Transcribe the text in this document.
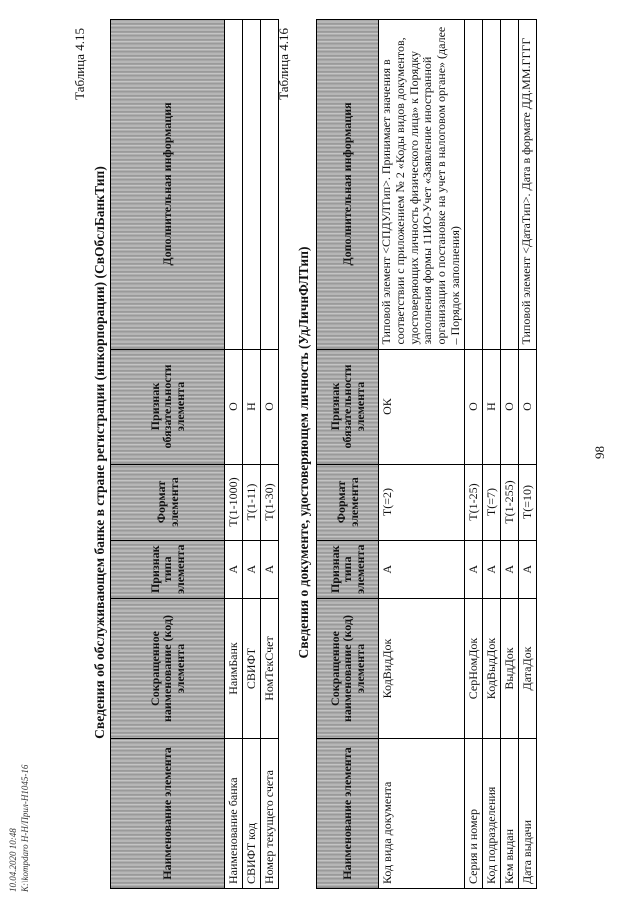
98
Таблица 4.15
Сведения об обслуживающем банке в стране регистрации (инкорпорации) (СвОбслБанкТип)
Наименование элемента	Сокращенное наименование (код) элемента	Признак типа элемента	Формат элемента	Признак обязательности элемента	Дополнительная информация
Наименование банка	НаимБанк	А	T(1-1000)	О	
СВИФТ код	СВИФТ	А	T(1-11)	Н	
Номер текущего счета	НомТекСчет	А	T(1-30)	О	
Таблица 4.16
Сведения о документе, удостоверяющем личность (УдЛичнФЛТип)
Наименование элемента	Сокращенное наименование (код) элемента	Признак типа элемента	Формат элемента	Признак обязательности элемента	Дополнительная информация
Код вида документа	КодВидДок	А	T(=2)	ОК	Типовой элемент <СПДУЛТип>. Принимает значения в соответствии с приложением № 2 «Коды видов документов, удостоверяющих личность физического лица» к Порядку заполнения формы 11ИО-Учет «Заявление иностранной организации о постановке на учет в налоговом органе» (далее – Порядок заполнения)
Серия и номер	СерНомДок	А	T(1-25)	О	
Код подразделения	КодВыдДок	А	T(=7)	Н	
Кем выдан	ВыдДок	А	T(1-255)	О	
Дата выдачи	ДатаДок	А	T(=10)	О	Типовой элемент <ДатаТип>. Дата в формате ДД.ММ.ГГГГ
10.04.2020 10:48 K:\kompdaro H-H/Прил-H1045-16
